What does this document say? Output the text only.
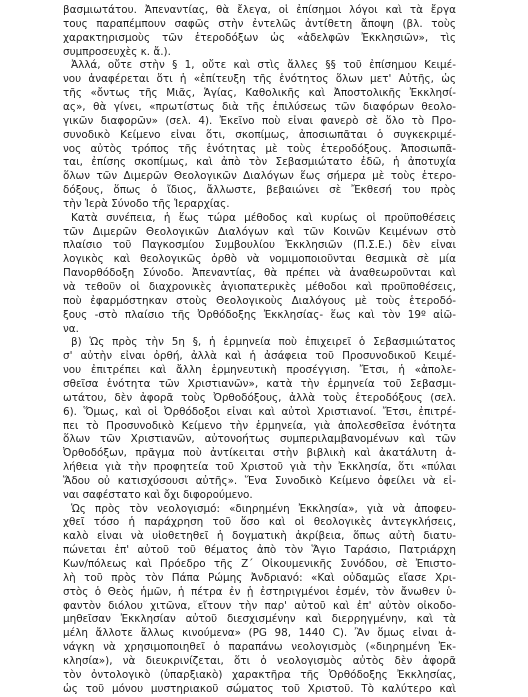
βασμιωτάτου. Ἀπεναντίας, θὰ ἔλεγα, οἱ ἐπίσημοι λόγοι καὶ τὰ ἔργα
τους παραπέμπουν σαφῶς στὴν ἐντελῶς ἀντίθετη ἄποψη (βλ. τοὺς
χαρακτηρισμοὺς τῶν ἑτεροδόξων ὡς «ἀδελφῶν Ἐκκλησιῶν», τὶς
συμπροσευχὲς κ. ἄ.).
Ἀλλά, οὔτε στὴν § 1, οὔτε καὶ στὶς ἄλλες §§ τοῦ ἐπίσημου Κειμέ-
νου ἀναφέρεται ὅτι ἡ «ἐπίτευξη τῆς ἑνότητος ὅλων μετ' Αὐτῆς, ὡς
τῆς «ὄντως τῆς Μιᾶς, Ἁγίας, Καθολικῆς καὶ Ἀποστολικῆς Ἐκκλησί-
ας», θὰ γίνει, «πρωτίστως διὰ τῆς ἐπιλύσεως τῶν διαφόρων θεολο-
γικῶν διαφορῶν» (σελ. 4). Ἐκεῖνο ποὺ εἶναι φανερὸ σὲ ὅλο τὸ Προ-
συνοδικὸ Κείμενο εἶναι ὅτι, σκοπίμως, ἀποσιωπᾶται ὁ συγκεκριμέ-
νος αὐτὸς τρόπος τῆς ἑνότητας μὲ τοὺς ἑτεροδόξους. Ἀποσιωπᾶ-
ται, ἐπίσης σκοπίμως, καὶ ἀπὸ τὸν Σεβασμιώτατο ἐδῶ, ἡ ἀποτυχία
ὅλων τῶν Διμερῶν Θεολογικῶν Διαλόγων ἕως σήμερα μὲ τοὺς ἑτερο-
δόξους, ὅπως ὁ ἴδιος, ἄλλωστε, βεβαιώνει σὲ Ἔκθεσή του πρὸς
τὴν Ἱερὰ Σύνοδο τῆς Ἱεραρχίας.
Κατὰ συνέπεια, ἡ ἕως τώρα μέθοδος καὶ κυρίως οἱ προϋποθέσεις
τῶν Διμερῶν Θεολογικῶν Διαλόγων καὶ τῶν Κοινῶν Κειμένων στὸ
πλαίσιο τοῦ Παγκοσμίου Συμβουλίου Ἐκκλησιῶν (Π.Σ.Ε.) δὲν εἶναι
λογικὸς καὶ θεολογικῶς ὀρθὸ νὰ νομιμοποιοῦνται θεσμικὰ σὲ μία
Πανορθόδοξη Σύνοδο. Ἀπεναντίας, θὰ πρέπει νὰ ἀναθεωροῦνται καὶ
νὰ τεθοῦν οἱ διαχρονικὲς ἁγιοπατερικὲς μέθοδοι καὶ προϋποθέσεις,
ποὺ ἐφαρμόστηκαν στοὺς Θεολογικοὺς Διαλόγους μὲ τοὺς ἑτεροδό-
ξους -στὸ πλαίσιο τῆς Ὀρθόδοξης Ἐκκλησίας- ἕως καὶ τὸν 19º αἰῶ-
να.
β) Ὡς πρὸς τὴν 5η §, ἡ ἑρμηνεία ποὺ ἐπιχειρεῖ ὁ Σεβασμιώτατος
σ' αὐτὴν εἶναι ὀρθή, ἀλλὰ καὶ ἡ ἀσάφεια τοῦ Προσυνοδικοῦ Κειμέ-
νου ἐπιτρέπει καὶ ἄλλη ἑρμηνευτικὴ προσέγγιση. Ἔτσι, ἡ «ἀπολε-
σθεῖσα ἑνότητα τῶν Χριστιανῶν», κατὰ τὴν ἑρμηνεία τοῦ Σεβασμι-
ωτάτου, δὲν ἀφορᾶ τοὺς Ὀρθοδόξους, ἀλλὰ τοὺς ἑτεροδόξους (σελ.
6). Ὅμως, καὶ οἱ Ὀρθόδοξοι εἶναι καὶ αὐτοὶ Χριστιανοί. Ἔτσι, ἐπιτρέ-
πει τὸ Προσυνοδικὸ Κείμενο τὴν ἑρμηνεία, γιὰ ἀπολεσθεῖσα ἑνότητα
ὅλων τῶν Χριστιανῶν, αὐτονοήτως συμπεριλαμβανομένων καὶ τῶν
Ὀρθοδόξων, πρᾶγμα ποὺ ἀντίκειται στὴν βιβλικὴ καὶ ἀκατάλυτη ἀ-
λήθεια γιὰ τὴν προφητεία τοῦ Χριστοῦ γιὰ τὴν Ἐκκλησία, ὅτι «πύλαι
Ἅδου οὐ κατισχύσουσι αὐτῆς». Ἕνα Συνοδικὸ Κείμενο ὀφείλει νὰ εἶ-
ναι σαφέστατο καὶ ὄχι διφορούμενο.
Ὡς πρὸς τὸν νεολογισμό: «διηρημένη Ἐκκλησία», γιὰ νὰ ἀποφευ-
χθεῖ τόσο ἡ παράχρηση τοῦ ὅσο καὶ οἱ θεολογικὲς ἀντεγκλήσεις,
καλὸ εἶναι νὰ υἱοθετηθεῖ ἡ δογματικὴ ἀκρίβεια, ὅπως αὐτὴ διατυ-
πώνεται ἐπ' αὐτοῦ τοῦ θέματος ἀπὸ τὸν Ἅγιο Ταράσιο, Πατριάρχη
Κων/πόλεως καὶ Πρόεδρο τῆς Ζ΄ Οἰκουμενικῆς Συνόδου, σὲ Ἐπιστο-
λὴ τοῦ πρὸς τὸν Πάπα Ρώμης Ἀνδριανό: «Καὶ οὐδαμῶς εἴασε Χρι-
στὸς ὁ Θεὸς ἡμῶν, ἡ πέτρα ἐν ᾗ ἐστηριγμένοι ἐσμέν, τὸν ἄνωθεν ὑ-
φαντὸν διόλου χιτῶνα, εἴτουν τὴν παρ' αὐτοῦ καὶ ἐπ' αὐτὸν οἰκοδο-
μηθεῖσαν Ἐκκλησίαν αὐτοῦ διεσχισμένην καὶ διερρηγμένην, καὶ τὰ
μέλη ἄλλοτε ἄλλως κινούμενα» (PG 98, 1440 C). Ἂν ὅμως εἶναι ἀ-
νάγκη νὰ χρησιμοποιηθεῖ ὁ παραπάνω νεολογισμὸς («διηρημένη Ἐκ-
κλησία»), νὰ διευκρινίζεται, ὅτι ὁ νεολογισμὸς αὐτὸς δὲν ἀφορᾶ
τὸν ὀντολογικὸ (ὑπαρξιακὸ) χαρακτῆρα τῆς Ὀρθόδοξης Ἐκκλησίας,
ὡς τοῦ μόνου μυστηριακοῦ σώματος τοῦ Χριστοῦ. Τὸ καλύτερο καὶ
